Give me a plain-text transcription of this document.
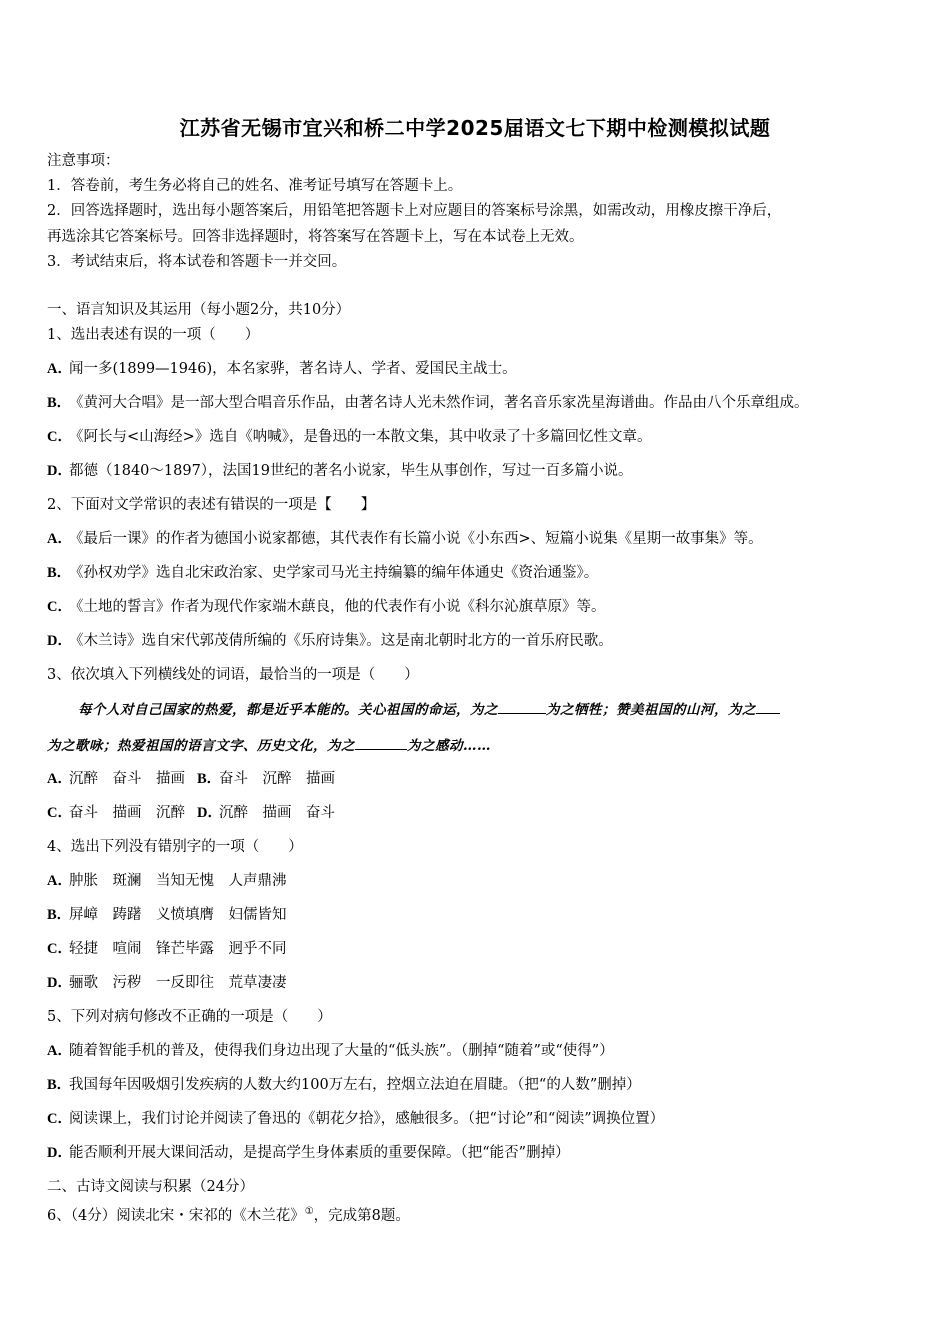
江苏省无锡市宜兴和桥二中学2025届语文七下期中检测模拟试题
注意事项：
1．答卷前，考生务必将自己的姓名、准考证号填写在答题卡上。
2．回答选择题时，选出每小题答案后，用铅笔把答题卡上对应题目的答案标号涂黑，如需改动，用橡皮擦干净后，
再选涂其它答案标号。回答非选择题时，将答案写在答题卡上，写在本试卷上无效。
3．考试结束后，将本试卷和答题卡一并交回。
一、语言知识及其运用（每小题2分，共10分）
1、选出表述有误的一项（　　）
A．闻一多(1899—1946)，本名家骅，著名诗人、学者、爱国民主战士。
B．《黄河大合唱》是一部大型合唱音乐作品，由著名诗人光未然作词，著名音乐家冼星海谱曲。作品由八个乐章组成。
C．《阿长与<山海经>》选自《呐喊》，是鲁迅的一本散文集，其中收录了十多篇回忆性文章。
D．都德（1840～1897），法国19世纪的著名小说家，毕生从事创作，写过一百多篇小说。
2、下面对文学常识的表述有错误的一项是【　　】
A．《最后一课》的作者为德国小说家都德，其代表作有长篇小说《小东西>、短篇小说集《星期一故事集》等。
B．《孙权劝学》选自北宋政治家、史学家司马光主持编纂的编年体通史《资治通鉴》。
C．《土地的誓言》作者为现代作家端木蕻良，他的代表作有小说《科尔沁旗草原》等。
D．《木兰诗》选自宋代郭茂倩所编的《乐府诗集》。这是南北朝时北方的一首乐府民歌。
3、依次填入下列横线处的词语，最恰当的一项是（　　）
每个人对自己国家的热爱，都是近乎本能的。关心祖国的命运，为之	为之牺牲；赞美祖国的山河，为之
为之歌咏；热爱祖国的语言文字、历史文化，为之	为之感动……
A．沉醉　奋斗　描画 B．奋斗　沉醉　描画
C．奋斗　描画　沉醉 D．沉醉　描画　奋斗
4、选出下列没有错别字的一项（　　）
A．肿胀　斑澜　当知无愧　人声鼎沸
B．屏嶂　踌躇　义愤填膺　妇儒皆知
C．轻捷　喧闹　锋芒毕露　迥乎不同
D．骊歌　污秽　一反即往　荒草凄凄
5、下列对病句修改不正确的一项是（　　）
A．随着智能手机的普及，使得我们身边出现了大量的“低头族”。（删掉“随着”或“使得”）
B．我国每年因吸烟引发疾病的人数大约100万左右，控烟立法迫在眉睫。（把“的人数”删掉）
C．阅读课上，我们讨论并阅读了鲁迅的《朝花夕拾》，感触很多。（把“讨论”和“阅读”调换位置）
D．能否顺利开展大课间活动，是提高学生身体素质的重要保障。（把“能否”删掉）
二、古诗文阅读与积累（24分）
6、（4分）阅读北宋・宋祁的《木兰花》①，完成第8题。
